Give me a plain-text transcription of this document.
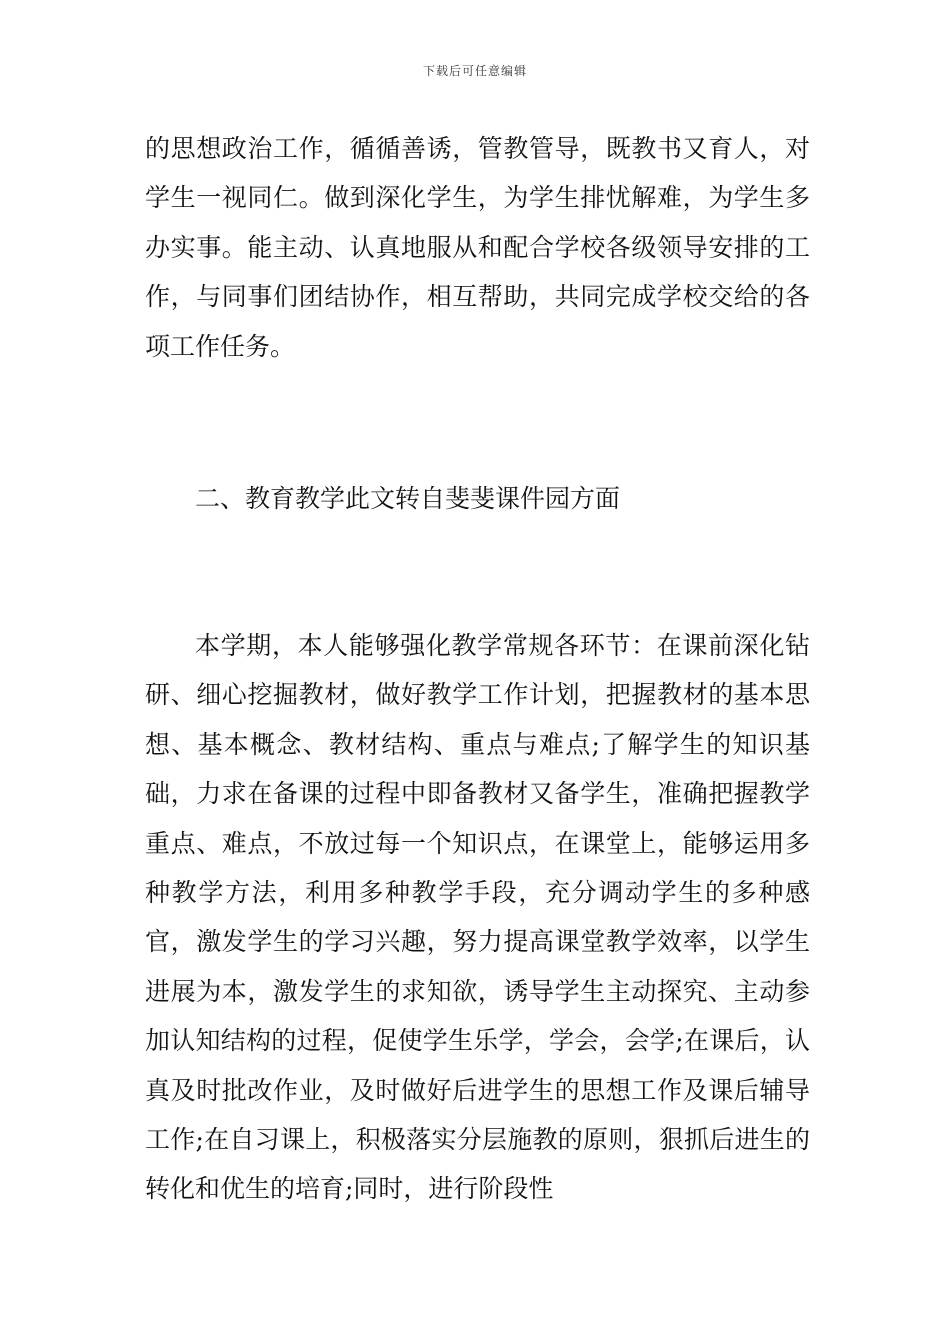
下载后可任意编辑
的思想政治工作，循循善诱，管教管导，既教书又育人，对学生一视同仁。做到深化学生，为学生排忧解难，为学生多办实事。能主动、认真地服从和配合学校各级领导安排的工作，与同事们团结协作，相互帮助，共同完成学校交给的各项工作任务。
二、教育教学此文转自斐斐课件园方面
本学期，本人能够强化教学常规各环节：在课前深化钻研、细心挖掘教材，做好教学工作计划，把握教材的基本思想、基本概念、教材结构、重点与难点;了解学生的知识基础，力求在备课的过程中即备教材又备学生，准确把握教学重点、难点，不放过每一个知识点，在课堂上，能够运用多种教学方法，利用多种教学手段，充分调动学生的多种感官，激发学生的学习兴趣，努力提高课堂教学效率，以学生进展为本，激发学生的求知欲，诱导学生主动探究、主动参加认知结构的过程，促使学生乐学，学会，会学;在课后，认真及时批改作业，及时做好后进学生的思想工作及课后辅导工作;在自习课上，积极落实分层施教的原则，狠抓后进生的转化和优生的培育;同时，进行阶段性
